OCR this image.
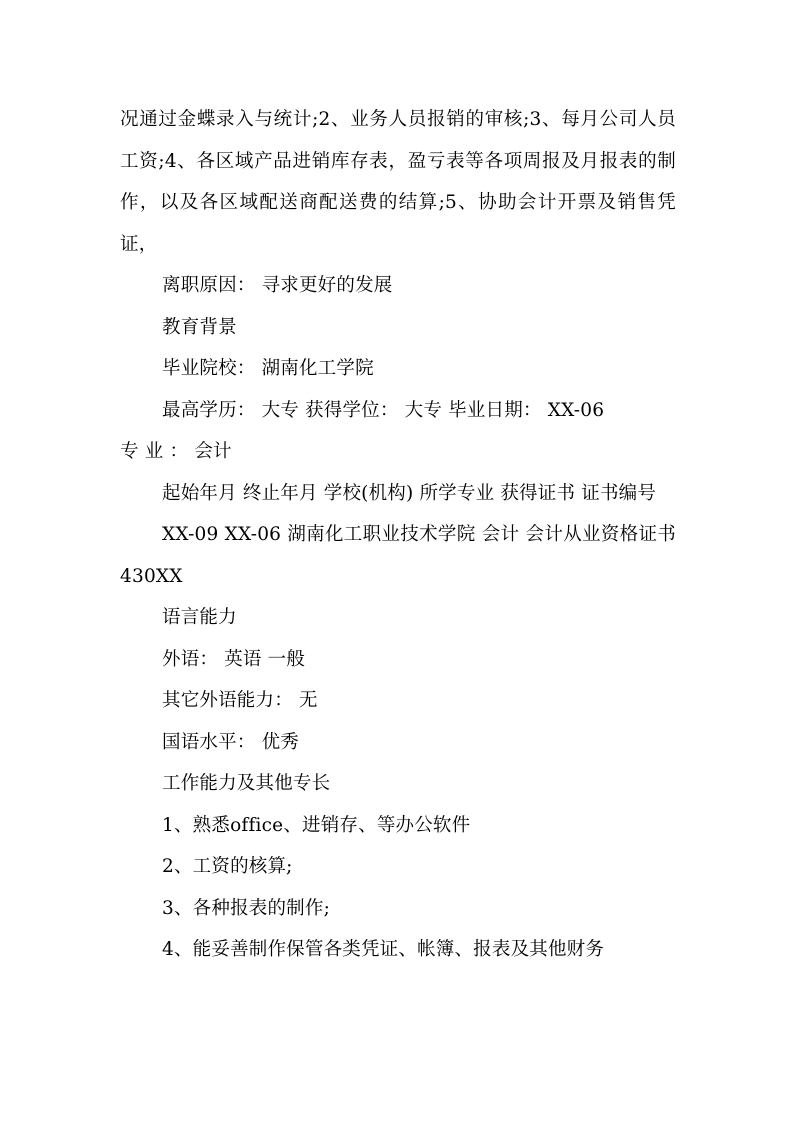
况通过金蝶录入与统计;2、业务人员报销的审核;3、每月公司人员工资;4、各区域产品进销库存表，盈亏表等各项周报及月报表的制作，以及各区域配送商配送费的结算;5、协助会计开票及销售凭证，

离职原因： 寻求更好的发展

教育背景

毕业院校： 湖南化工学院

最高学历： 大专 获得学位： 大专 毕业日期： XX-06

专 业 ： 会计

起始年月 终止年月 学校(机构) 所学专业 获得证书 证书编号

XX-09 XX-06 湖南化工职业技术学院 会计 会计从业资格证书 430XX

语言能力

外语： 英语 一般

其它外语能力： 无

国语水平： 优秀

工作能力及其他专长

1、熟悉office、进销存、等办公软件

2、工资的核算;

3、各种报表的制作;

4、能妥善制作保管各类凭证、帐簿、报表及其他财务
